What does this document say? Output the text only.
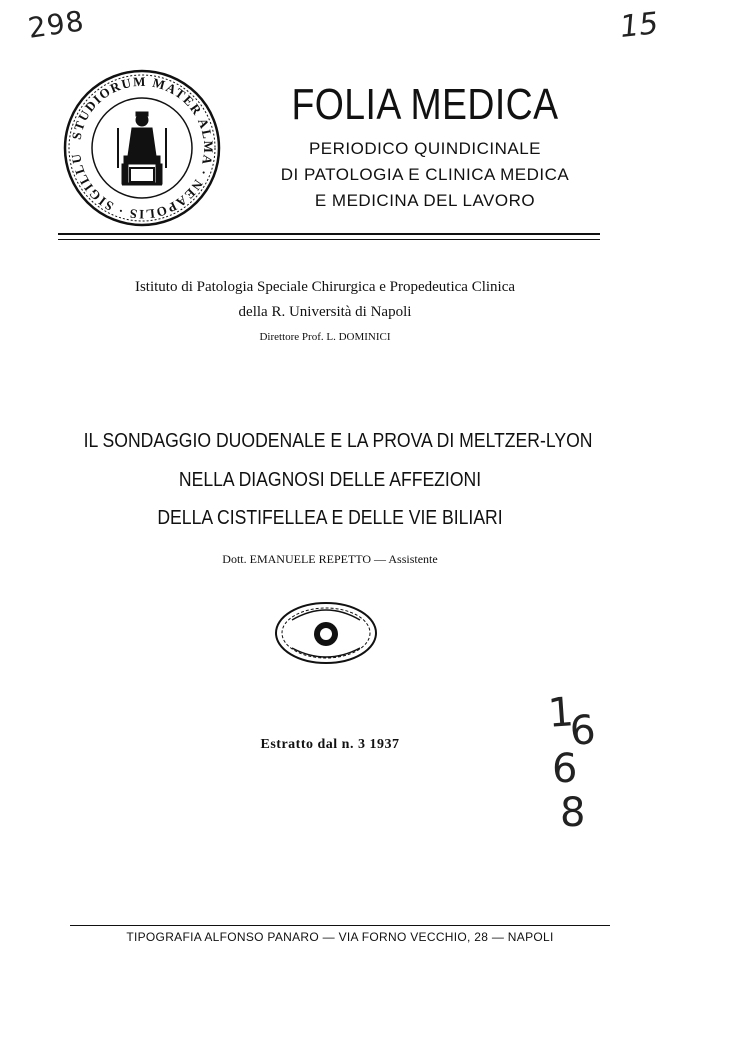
298	15
1
6
6
8
STUDIORUM MATER ALMA · NEAPOLIS · SIGILLU
FOLIA MEDICA
PERIODICO QUINDICINALE
DI PATOLOGIA E CLINICA MEDICA
E MEDICINA DEL LAVORO
Istituto di Patologia Speciale Chirurgica e Propedeutica Clinica
della R. Università di Napoli
Direttore Prof. L. DOMINICI
IL SONDAGGIO DUODENALE E LA PROVA DI MELTZER-LYON
NELLA DIAGNOSI DELLE AFFEZIONI
DELLA CISTIFELLEA E DELLE VIE BILIARI
Dott. EMANUELE REPETTO — Assistente
Estratto dal n. 3 1937
TIPOGRAFIA ALFONSO PANARO — VIA FORNO VECCHIO, 28 — NAPOLI
